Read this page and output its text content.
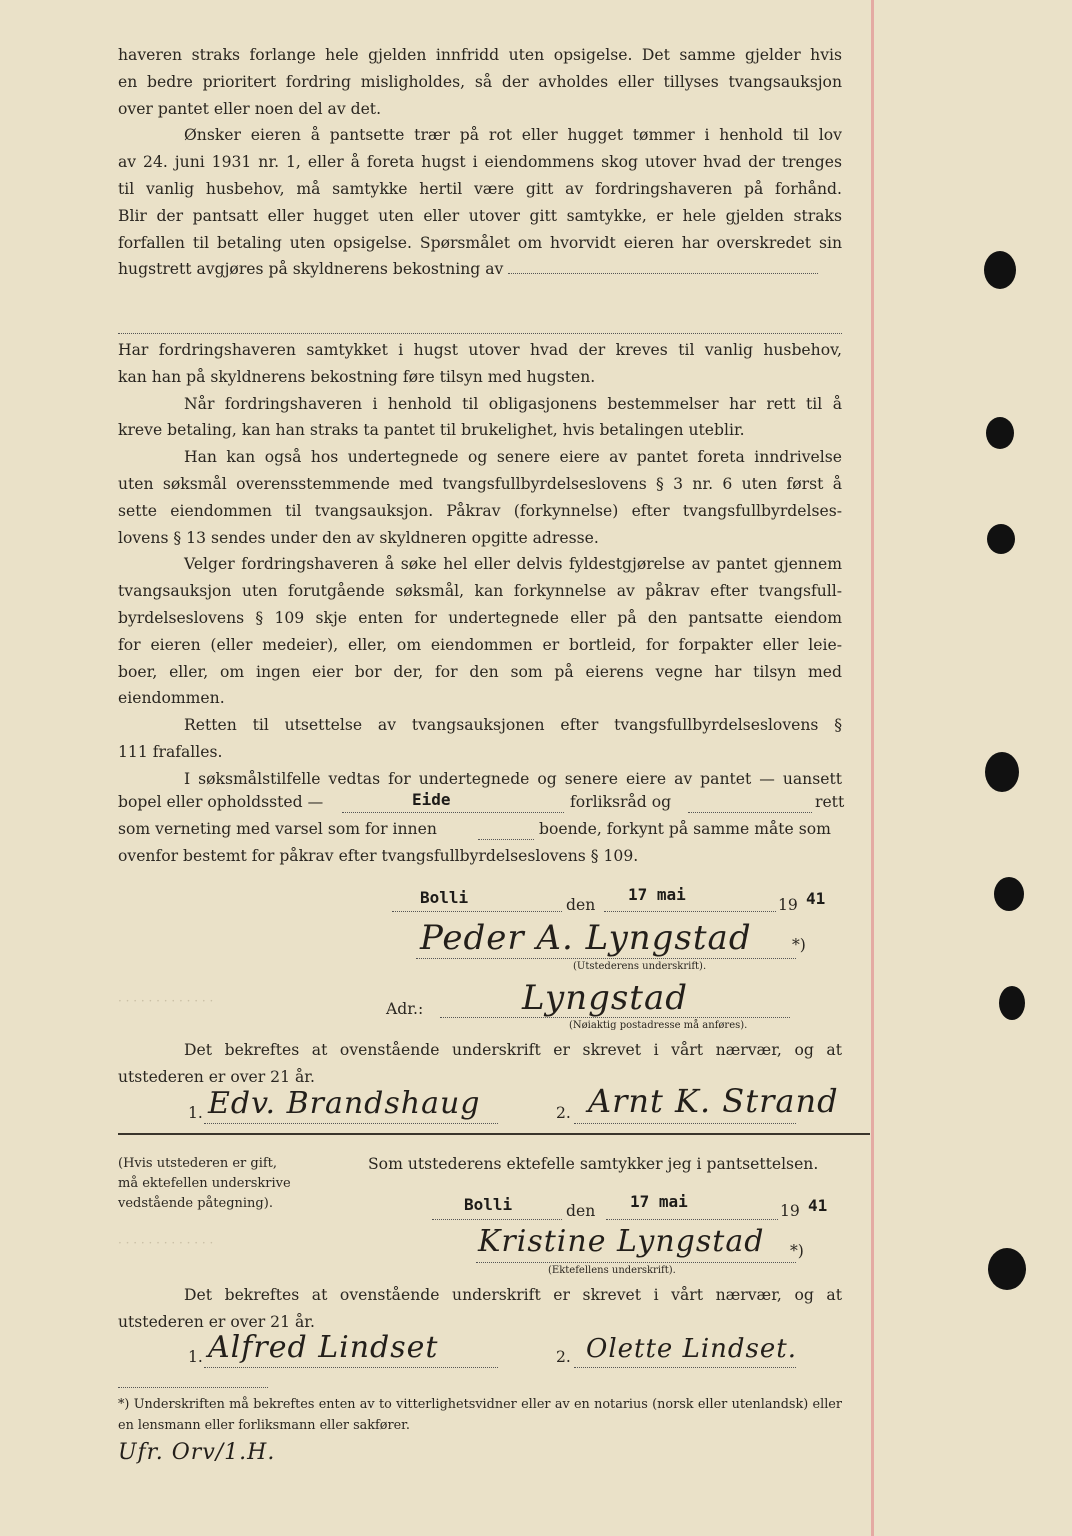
haveren straks forlange hele gjelden innfridd uten opsigelse. Det samme gjelder hvis

en bedre prioritert fordring misligholdes, så der avholdes eller tillyses tvangsauksjon

over pantet eller noen del av det.

Ønsker eieren å pantsette trær på rot eller hugget tømmer i henhold til lov

av 24. juni 1931 nr. 1, eller å foreta hugst i eiendommens skog utover hvad der trenges

til vanlig husbehov, må samtykke hertil være gitt av fordringshaveren på forhånd.

Blir der pantsatt eller hugget uten eller utover gitt samtykke, er hele gjelden straks

forfallen til betaling uten opsigelse. Spørsmålet om hvorvidt eieren har overskredet sin

hugstrett avgjøres på skyldnerens bekostning av

Har fordringshaveren samtykket i hugst utover hvad der kreves til vanlig husbehov,

kan han på skyldnerens bekostning føre tilsyn med hugsten.

Når fordringshaveren i henhold til obligasjonens bestemmelser har rett til å

kreve betaling, kan han straks ta pantet til brukelighet, hvis betalingen uteblir.

Han kan også hos undertegnede og senere eiere av pantet foreta inndrivelse

uten søksmål overensstemmende med tvangsfullbyrdelseslovens § 3 nr. 6 uten først å

sette eiendommen til tvangsauksjon. Påkrav (forkynnelse) efter tvangsfullbyrdelses-

lovens § 13 sendes under den av skyldneren opgitte adresse.

Velger fordringshaveren å søke hel eller delvis fyldestgjørelse av pantet gjennem

tvangsauksjon uten forutgående søksmål, kan forkynnelse av påkrav efter tvangsfull-

byrdelseslovens § 109 skje enten for undertegnede eller på den pantsatte eiendom

for eieren (eller medeier), eller, om eiendommen er bortleid, for forpakter eller leie-

boer, eller, om ingen eier bor der, for den som på eierens vegne har tilsyn med

eiendommen.

Retten til utsettelse av tvangsauksjonen efter tvangsfullbyrdelseslovens §

111 frafalles.

I søksmålstilfelle vedtas for undertegnede og senere eiere av pantet — uansett

bopel eller opholdssted —	Eide	forliksråd og	rett
som verneting med varsel som for innen	boende, forkynt på samme måte som
ovenfor bestemt for påkrav efter tvangsfullbyrdelseslovens § 109.
Bolli	den
17 mai
19 41
Peder A. Lyngstad	*)
(Utstederens underskrift).
· · · · · · · · · · · · ·	Adr.:	Lyngstad
(Nøiaktig postadresse må anføres).

Det bekreftes at ovenstående underskrift er skrevet i vårt nærvær, og at

utstederen er over 21 år.

1. Edv. Brandshaug	2. Arnt K. Strand
(Hvis utstederen er gift,
må ektefellen underskrive
vedstående påtegning).
Som utstederens ektefelle samtykker jeg i pantsettelsen.
Bolli	den 17 mai	19 41
· · · · · · · · · · · · ·	Kristine Lyngstad *)
(Ektefellens underskrift).

Det bekreftes at ovenstående underskrift er skrevet i vårt nærvær, og at

utstederen er over 21 år.

1. Alfred Lindset	2. Olette Lindset.
*) Underskriften må bekreftes enten av to vitterlighetsvidner eller av en notarius (norsk eller utenlandsk) eller en lensmann eller forliksmann eller sakfører.
Ufr. Orv/1.H.
